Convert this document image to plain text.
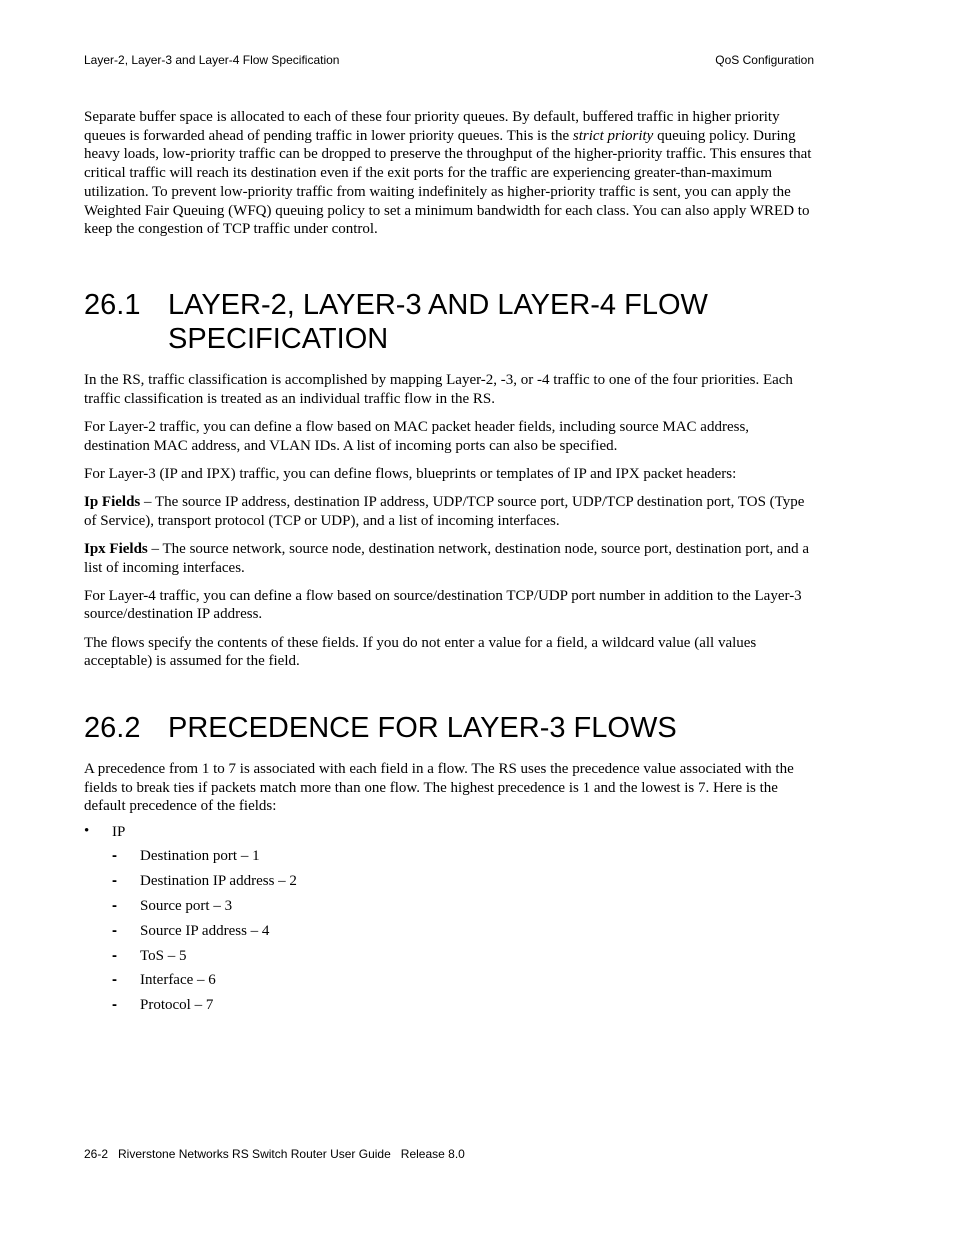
Layer-2, Layer-3 and Layer-4 Flow Specification	QoS Configuration

Separate buffer space is allocated to each of these four priority queues. By default, buffered traffic in higher priority queues is forwarded ahead of pending traffic in lower priority queues. This is the strict priority queuing policy. During heavy loads, low-priority traffic can be dropped to preserve the throughput of the higher-priority traffic. This ensures that critical traffic will reach its destination even if the exit ports for the traffic are experiencing greater-than-maximum utilization. To prevent low-priority traffic from waiting indefinitely as higher-priority traffic is sent, you can apply the Weighted Fair Queuing (WFQ) queuing policy to set a minimum bandwidth for each class. You can also apply WRED to keep the congestion of TCP traffic under control.

26.1 LAYER-2, LAYER-3 AND LAYER-4 FLOW SPECIFICATION

In the RS, traffic classification is accomplished by mapping Layer-2, -3, or -4 traffic to one of the four priorities. Each traffic classification is treated as an individual traffic flow in the RS.

For Layer-2 traffic, you can define a flow based on MAC packet header fields, including source MAC address, destination MAC address, and VLAN IDs. A list of incoming ports can also be specified.

For Layer-3 (IP and IPX) traffic, you can define flows, blueprints or templates of IP and IPX packet headers:

Ip Fields – The source IP address, destination IP address, UDP/TCP source port, UDP/TCP destination port, TOS (Type of Service), transport protocol (TCP or UDP), and a list of incoming interfaces.

Ipx Fields – The source network, source node, destination network, destination node, source port, destination port, and a list of incoming interfaces.

For Layer-4 traffic, you can define a flow based on source/destination TCP/UDP port number in addition to the Layer-3 source/destination IP address.

The flows specify the contents of these fields. If you do not enter a value for a field, a wildcard value (all values acceptable) is assumed for the field.

26.2 PRECEDENCE FOR LAYER-3 FLOWS

A precedence from 1 to 7 is associated with each field in a flow. The RS uses the precedence value associated with the fields to break ties if packets match more than one flow. The highest precedence is 1 and the lowest is 7. Here is the default precedence of the fields:

• IP
- Destination port – 1
- Destination IP address – 2
- Source port – 3
- Source IP address – 4
- ToS – 5
- Interface – 6
- Protocol – 7
26-2   Riverstone Networks RS Switch Router User Guide   Release 8.0
